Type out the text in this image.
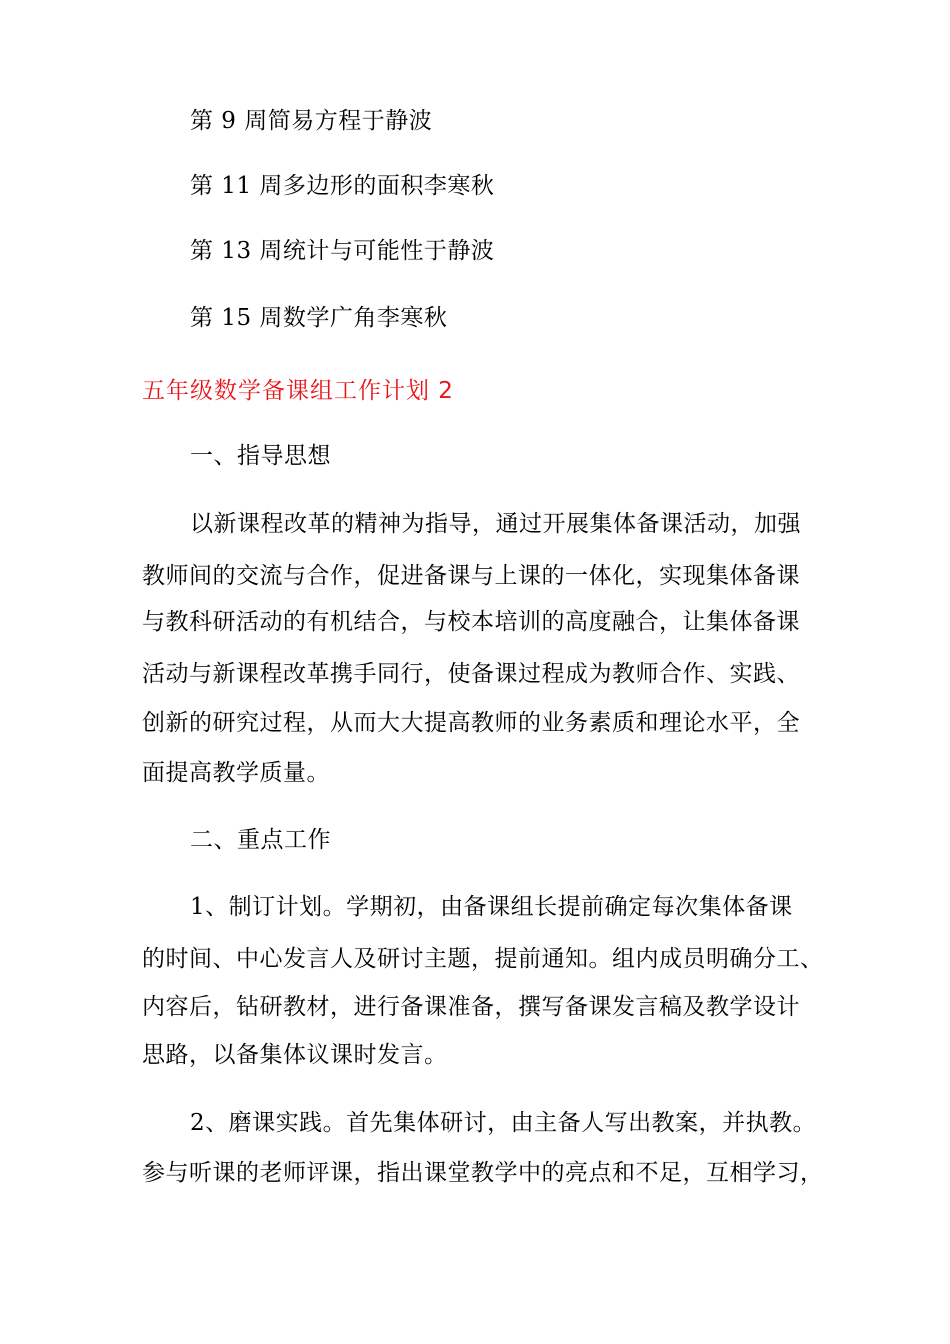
第 9 周简易方程于静波
第 11 周多边形的面积李寒秋
第 13 周统计与可能性于静波
第 15 周数学广角李寒秋
五年级数学备课组工作计划 2
一、指导思想
以新课程改革的精神为指导，通过开展集体备课活动，加强
教师间的交流与合作，促进备课与上课的一体化，实现集体备课
与教科研活动的有机结合，与校本培训的高度融合，让集体备课
活动与新课程改革携手同行，使备课过程成为教师合作、实践、
创新的研究过程，从而大大提高教师的业务素质和理论水平，全
面提高教学质量。
二、重点工作
1、制订计划。学期初，由备课组长提前确定每次集体备课
的时间、中心发言人及研讨主题，提前通知。组内成员明确分工、
内容后，钻研教材，进行备课准备，撰写备课发言稿及教学设计
思路，以备集体议课时发言。
2、磨课实践。首先集体研讨，由主备人写出教案，并执教。
参与听课的老师评课，指出课堂教学中的亮点和不足，互相学习，
